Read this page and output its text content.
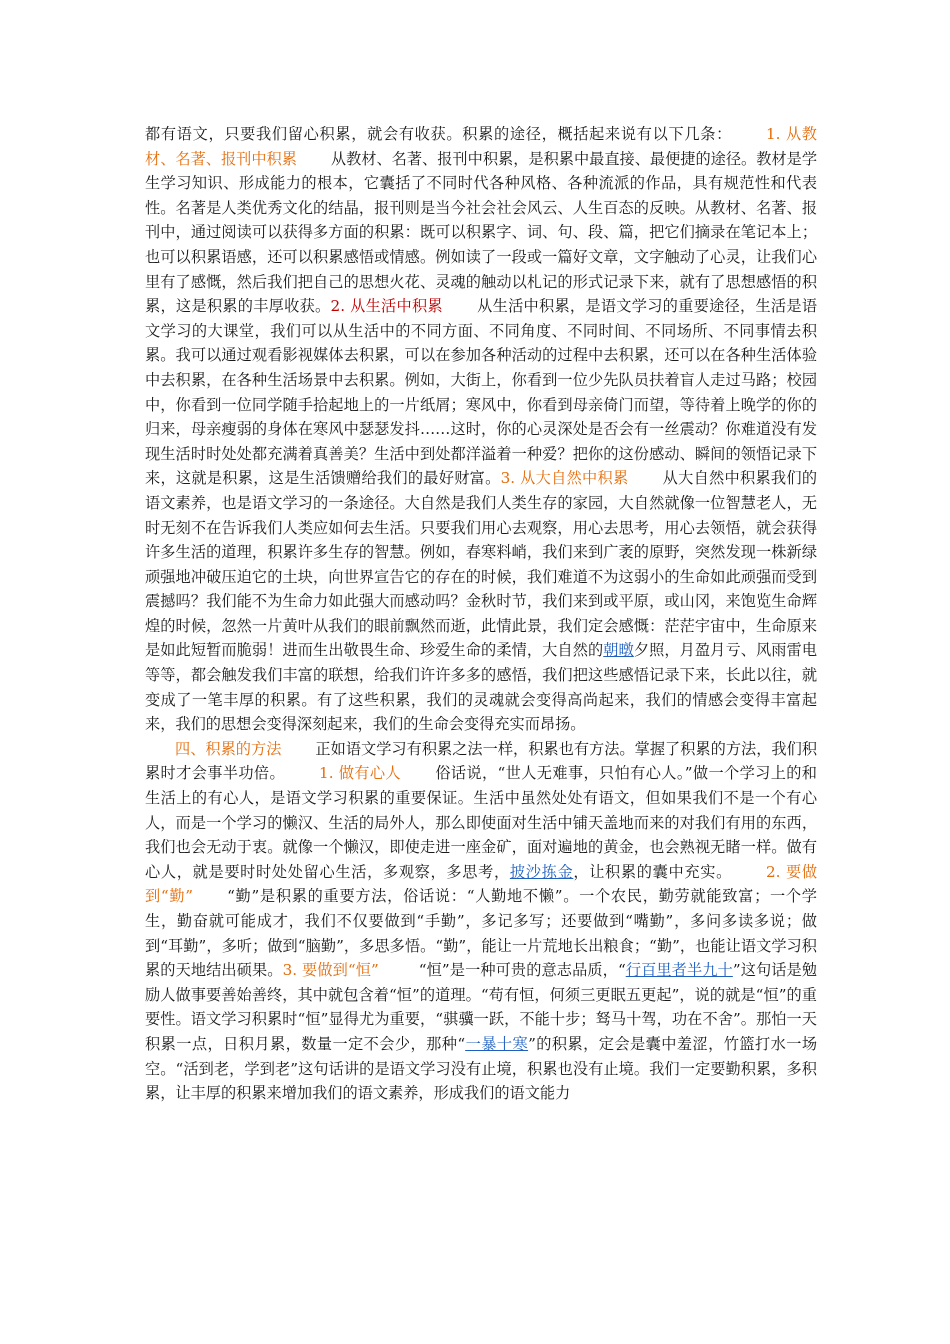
都有语文，只要我们留心积累，就会有收获。积累的途径，概括起来说有以下几条： 1. 从教材、名著、报刊中积累 从教材、名著、报刊中积累，是积累中最直接、最便捷的途径。教材是学生学习知识、形成能力的根本，它囊括了不同时代各种风格、各种流派的作品，具有规范性和代表性。名著是人类优秀文化的结晶，报刊则是当今社会社会风云、人生百态的反映。从教材、名著、报刊中，通过阅读可以获得多方面的积累：既可以积累字、词、句、段、篇，把它们摘录在笔记本上；也可以积累语感，还可以积累感悟或情感。例如读了一段或一篇好文章，文字触动了心灵，让我们心里有了感慨，然后我们把自己的思想火花、灵魂的触动以札记的形式记录下来，就有了思想感悟的积累，这是积累的丰厚收获。2. 从生活中积累 从生活中积累，是语文学习的重要途径，生活是语文学习的大课堂，我们可以从生活中的不同方面、不同角度、不同时间、不同场所、不同事情去积累。我可以通过观看影视媒体去积累，可以在参加各种活动的过程中去积累，还可以在各种生活体验中去积累，在各种生活场景中去积累。例如，大街上，你看到一位少先队员扶着盲人走过马路；校园中，你看到一位同学随手拾起地上的一片纸屑；寒风中，你看到母亲倚门而望，等待着上晚学的你的归来，母亲瘦弱的身体在寒风中瑟瑟发抖……这时，你的心灵深处是否会有一丝震动？你难道没有发现生活时时处处都充满着真善美？生活中到处都洋溢着一种爱？把你的这份感动、瞬间的领悟记录下来，这就是积累，这是生活馈赠给我们的最好财富。3. 从大自然中积累 从大自然中积累我们的语文素养，也是语文学习的一条途径。大自然是我们人类生存的家园，大自然就像一位智慧老人，无时无刻不在告诉我们人类应如何去生活。只要我们用心去观察，用心去思考，用心去领悟，就会获得许多生活的道理，积累许多生存的智慧。例如，春寒料峭，我们来到广袤的原野，突然发现一株新绿顽强地冲破压迫它的土块，向世界宣告它的存在的时候，我们难道不为这弱小的生命如此顽强而受到震撼吗？我们能不为生命力如此强大而感动吗？金秋时节，我们来到或平原，或山冈，来饱览生命辉煌的时候，忽然一片黄叶从我们的眼前飘然而逝，此情此景，我们定会感慨：茫茫宇宙中，生命原来是如此短暂而脆弱！进而生出敬畏生命、珍爱生命的柔情，大自然的朝暾夕照，月盈月亏、风雨雷电等等，都会触发我们丰富的联想，给我们许许多多的感悟，我们把这些感悟记录下来，长此以往，就变成了一笔丰厚的积累。有了这些积累，我们的灵魂就会变得高尚起来，我们的情感会变得丰富起来，我们的思想会变得深刻起来，我们的生命会变得充实而昂扬。
四、积累的方法 正如语文学习有积累之法一样，积累也有方法。掌握了积累的方法，我们积累时才会事半功倍。 1. 做有心人 俗话说，“世人无难事，只怕有心人。”做一个学习上的和生活上的有心人，是语文学习积累的重要保证。生活中虽然处处有语文，但如果我们不是一个有心人，而是一个学习的懒汉、生活的局外人，那么即使面对生活中铺天盖地而来的对我们有用的东西，我们也会无动于衷。就像一个懒汉，即使走进一座金矿，面对遍地的黄金，也会熟视无睹一样。做有心人，就是要时时处处留心生活，多观察，多思考，披沙拣金，让积累的囊中充实。 2. 要做到“勤” “勤”是积累的重要方法，俗话说：“人勤地不懒”。一个农民，勤劳就能致富；一个学生，勤奋就可能成才，我们不仅要做到“手勤”，多记多写；还要做到“嘴勤”，多问多读多说；做到“耳勤”，多听；做到“脑勤”，多思多悟。“勤”，能让一片荒地长出粮食；“勤”，也能让语文学习积累的天地结出硕果。3. 要做到“恒”	“恒”是一种可贵的意志品质，“行百里者半九十”这句话是勉励人做事要善始善终，其中就包含着“恒”的道理。“苟有恒，何须三更眠五更起”，说的就是“恒”的重要性。语文学习积累时“恒”显得尤为重要，“骐骥一跃，不能十步；驽马十驾，功在不舍”。那怕一天积累一点，日积月累，数量一定不会少，那种“一暴十寒”的积累，定会是囊中羞涩，竹篮打水一场空。“活到老，学到老”这句话讲的是语文学习没有止境，积累也没有止境。我们一定要勤积累，多积累，让丰厚的积累来增加我们的语文素养，形成我们的语文能力
